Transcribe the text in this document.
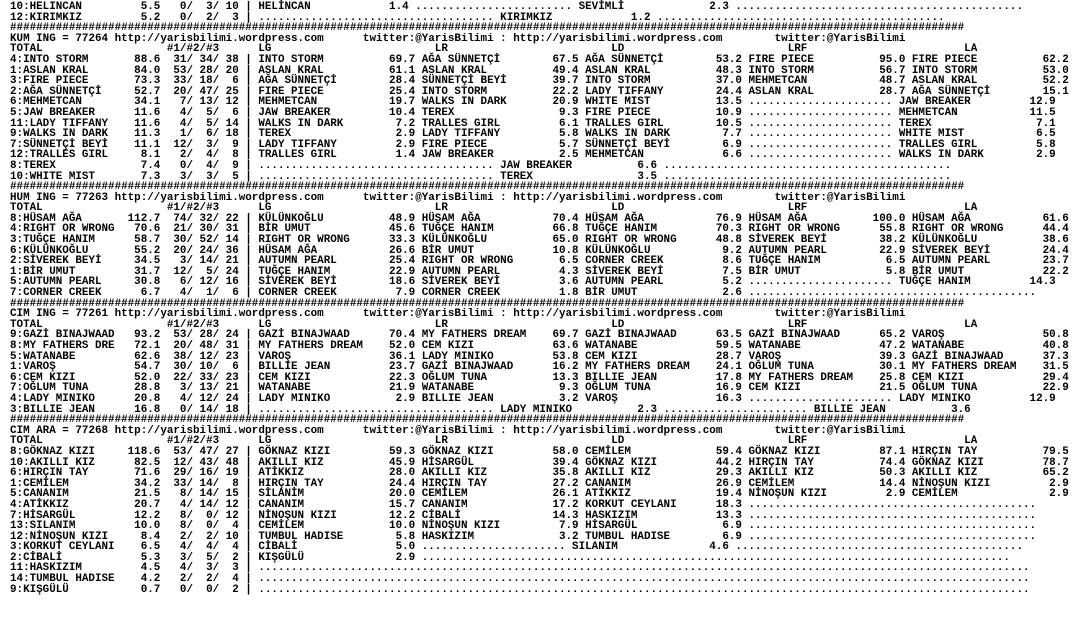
10:HELINCAN         5.5   0/  3/ 10 | HELİNCAN            1.4 ........................ SEVİMLİ             2.3 ............................................
12:KIRIMKIZ         5.2   0/  2/  3 | .................................... KIRIMKIZ            1.2 ............................................
##################################################################################################################################################
KUM ING = 77264 http://yarisbilimi.wordpress.com      twitter:@YarisBilimi : http://yarisbilimi.wordpress.com        twitter:@YarisBilimi
TOTAL                   #1/#2/#3      LG                         LR                         LD                         LRF                        LA
4:INTO STORM       88.6  31/ 34/ 38 | INTO STORM          69.7 AĞA SÜNNETÇİ        67.5 AĞA SÜNNETÇİ        53.2 FIRE PIECE          95.0 FIRE PIECE          62.2
1:ASLAN KRAL       84.0  53/ 28/ 20 | ASLAN KRAL          61.1 ASLAN KRAL          49.4 ASLAN KRAL          48.3 INTO STORM          56.7 INTO STORM          53.0
3:FIRE PIECE       73.3  33/ 18/  6 | AĞA SÜNNETÇİ        28.4 SÜNNETÇİ BEYİ       39.7 INTO STORM          37.0 MEHMETCAN           48.7 ASLAN KRAL          52.2
2:AĞA SÜNNETÇİ     52.7  20/ 47/ 25 | FIRE PIECE          25.4 INTO STORM          22.2 LADY TIFFANY        24.4 ASLAN KRAL          28.7 AĞA SÜNNETÇİ        15.1
6:MEHMETCAN        34.1   7/ 13/ 12 | MEHMETCAN           19.7 WALKS IN DARK       20.9 WHITE MIST          13.5 ...................... JAW BREAKER         12.9
5:JAW BREAKER      11.6   4/  5/  6 | JAW BREAKER         10.4 TEREX                9.3 FIRE PIECE          10.9 ...................... MEHMETCAN           11.5
11:LADY TIFFANY    11.6   4/  5/ 14 | WALKS IN DARK        7.2 TRALLES GIRL         6.1 TRALLES GIRL        10.5 ...................... TEREX                7.1
9:WALKS IN DARK    11.3   1/  6/ 18 | TEREX                2.9 LADY TIFFANY         5.8 WALKS IN DARK        7.7 ...................... WHITE MIST           6.5
7:SÜNNETÇİ BEYİ    11.1  12/  3/  9 | LADY TIFFANY         2.9 FIRE PIECE           5.7 SÜNNETÇİ BEYİ        6.9 ...................... TRALLES GIRL         5.8
12:TRALLES GIRL     8.1   2/  4/  8 | TRALLES GIRL         1.4 JAW BREAKER          2.5 MEHMETCAN            6.6 ...................... WALKS IN DARK        2.9
8:TEREX             7.4   0/  4/  9 | .................................... JAW BREAKER          6.6 ............................................
10:WHITE MIST       7.3   3/  3/  5 | .................................... TEREX                3.5 ............................................
##################################################################################################################################################
HUM ING = 77263 http://yarisbilimi.wordpress.com      twitter:@YarisBilimi : http://yarisbilimi.wordpress.com        twitter:@YarisBilimi
TOTAL                   #1/#2/#3      LG                         LR                         LD                         LRF                        LA
8:HÜSAM AĞA       112.7  74/ 32/ 22 | KÜLÜNKOĞLU          48.9 HÜSAM AĞA           70.4 HÜSAM AĞA           76.9 HÜSAM AĞA          100.0 HÜSAM AĞA           61.6
4:RIGHT OR WRONG   70.6  21/ 30/ 31 | BİR UMUT            45.6 TUĞÇE HANIM         66.8 TUĞÇE HANIM         70.3 RIGHT OR WRONG      55.8 RIGHT OR WRONG      44.4
3:TUĞÇE HANIM      58.7  30/ 52/ 14 | RIGHT OR WRONG      33.3 KÜLÜNKOĞLU          65.0 RIGHT OR WRONG      48.8 SİVEREK BEYİ        38.2 KÜLÜNKOĞLU          38.6
6:KÜLÜNKOĞLU       55.2  20/ 24/ 36 | HÜSAM AĞA           26.6 BİR UMUT            10.8 KÜLÜNKOĞLU           9.2 AUTUMN PEARL        22.9 SİVEREK BEYİ        24.4
2:SİVEREK BEYİ     34.5   3/ 14/ 21 | AUTUMN PEARL        25.4 RIGHT OR WRONG       6.5 CORNER CREEK         8.6 TUĞÇE HANIM          6.5 AUTUMN PEARL        23.7
1:BİR UMUT         31.7  12/  5/ 24 | TUĞÇE HANIM         22.9 AUTUMN PEARL         4.3 SİVEREK BEYİ         7.5 BİR UMUT             5.8 BİR UMUT            22.2
5:AUTUMN PEARL     30.8   6/ 12/ 16 | SİVEREK BEYİ        18.6 SİVEREK BEYİ         3.6 AUTUMN PEARL         5.2 ...................... TUĞÇE HANIM         14.3
7:CORNER CREEK      6.7   4/  1/  6 | CORNER CREEK         7.9 CORNER CREEK         1.8 BİR UMUT             2.6 ............................................
##################################################################################################################################################
CIM ING = 77261 http://yarisbilimi.wordpress.com      twitter:@YarisBilimi : http://yarisbilimi.wordpress.com        twitter:@YarisBilimi
TOTAL                   #1/#2/#3      LG                         LR                         LD                         LRF                        LA
9:GAZİ BINAJWAAD   93.2  53/ 28/ 24 | GAZİ BINAJWAAD      70.4 MY FATHERS DREAM    69.7 GAZİ BINAJWAAD      63.5 GAZİ BINAJWAAD      65.2 VAROŞ               50.8
8:MY FATHERS DRE   72.1  20/ 48/ 31 | MY FATHERS DREAM    52.0 CEM KIZI            63.6 WATANABE            59.5 WATANABE            47.2 WATANABE            40.8
5:WATANABE         62.6  38/ 12/ 23 | VAROŞ               36.1 LADY MINIKO         53.8 CEM KIZI            28.7 VAROŞ               39.3 GAZİ BINAJWAAD      37.3
1:VAROŞ            54.7  30/ 10/  6 | BILLIE JEAN         23.7 GAZİ BINAJWAAD      16.2 MY FATHERS DREAM    24.1 OĞLUM TUNA          30.1 MY FATHERS DREAM    31.5
6:CEM KIZI         52.0  22/ 33/ 23 | CEM KIZI            22.3 OĞLUM TUNA          13.3 BILLIE JEAN         17.8 MY FATHERS DREAM    25.8 CEM KIZI            29.4
7:OĞLUM TUNA       28.8   3/ 13/ 21 | WATANABE            21.9 WATANABE             9.3 OĞLUM TUNA          16.9 CEM KIZI            21.5 OĞLUM TUNA          22.9
4:LADY MINIKO      20.8   4/ 12/ 24 | LADY MINIKO          2.9 BILLIE JEAN          3.2 VAROŞ               16.3 ...................... LADY MINIKO         12.9
3:BILLIE JEAN      16.8   0/ 14/ 18 | .................................... LADY MINIKO          2.3 ...................... BILLIE JEAN          3.6
##################################################################################################################################################
CIM ARA = 77268 http://yarisbilimi.wordpress.com      twitter:@YarisBilimi : http://yarisbilimi.wordpress.com        twitter:@YarisBilimi
TOTAL                   #1/#2/#3      LG                         LR                         LD                         LRF                        LA
8:GÖKNAZ KIZI     118.6  53/ 47/ 27 | GÖKNAZ KIZI         59.3 GÖKNAZ KIZI         58.0 CEMİLEM             59.4 GÖKNAZ KIZI         87.1 HIRÇIN TAY          79.5
10:AKILLI KIZ      82.5  12/ 43/ 48 | AKILLI KIZ          45.9 HİSARGÜL            39.4 GÖKNAZ KIZI         44.2 HIRÇIN TAY          74.4 GÖKNAZ KIZI         78.7
6:HIRÇIN TAY       71.6  29/ 16/ 19 | ATİKKIZ             28.0 AKILLI KIZ          35.8 AKILLI KIZ          29.3 AKILLI KIZ          50.3 AKILLI KIZ          65.2
1:CEMİLEM          34.2  33/ 14/  8 | HIRÇIN TAY          24.4 HIRÇIN TAY          27.2 CANANIM             26.9 CEMİLEM             14.4 NİNOŞUN KIZI         2.9
5:CANANIM          21.5   8/ 14/ 15 | SİLANİM             20.0 CEMİLEM             26.1 ATİKKIZ             19.4 NİNOŞUN KIZI         2.9 CEMİLEM              2.9
4:ATİKKIZ          20.7   4/ 14/ 12 | CANANIM             15.7 CANANIM             17.2 KORKUT CEYLANI      18.3 ............................................
7:HİSARGÜL         12.2   8/  0/ 12 | NİNOŞUN KIZI        12.2 CİBALİ              14.3 HASKIZIM            13.3 ............................................
13:SILANIM         10.0   8/  0/  4 | CEMİLEM             10.0 NİNOŞUN KIZI         7.9 HİSARGÜL             6.9 ............................................
12:NİNOŞUN KIZI     8.4   2/  2/ 10 | TUMBUL HADISE        5.8 HASKIZIM             3.2 TUMBUL HADISE        6.9 ............................................
3:KORKUT CEYLANI    6.5   4/  4/  4 | CİBALİ               5.0 ...................... SILANIM              4.6 ............................................
2:CİBALİ            5.3   3/  5/  2 | KIŞGÜLÜ              2.9 ..........................................................................................
11:HASKIZIM         4.5   4/  3/  3 | ......................................................................................................................
14:TUMBUL HADISE    4.2   2/  2/  4 | ......................................................................................................................
9:KIŞGÜLÜ           0.7   0/  0/  2 | ......................................................................................................................
